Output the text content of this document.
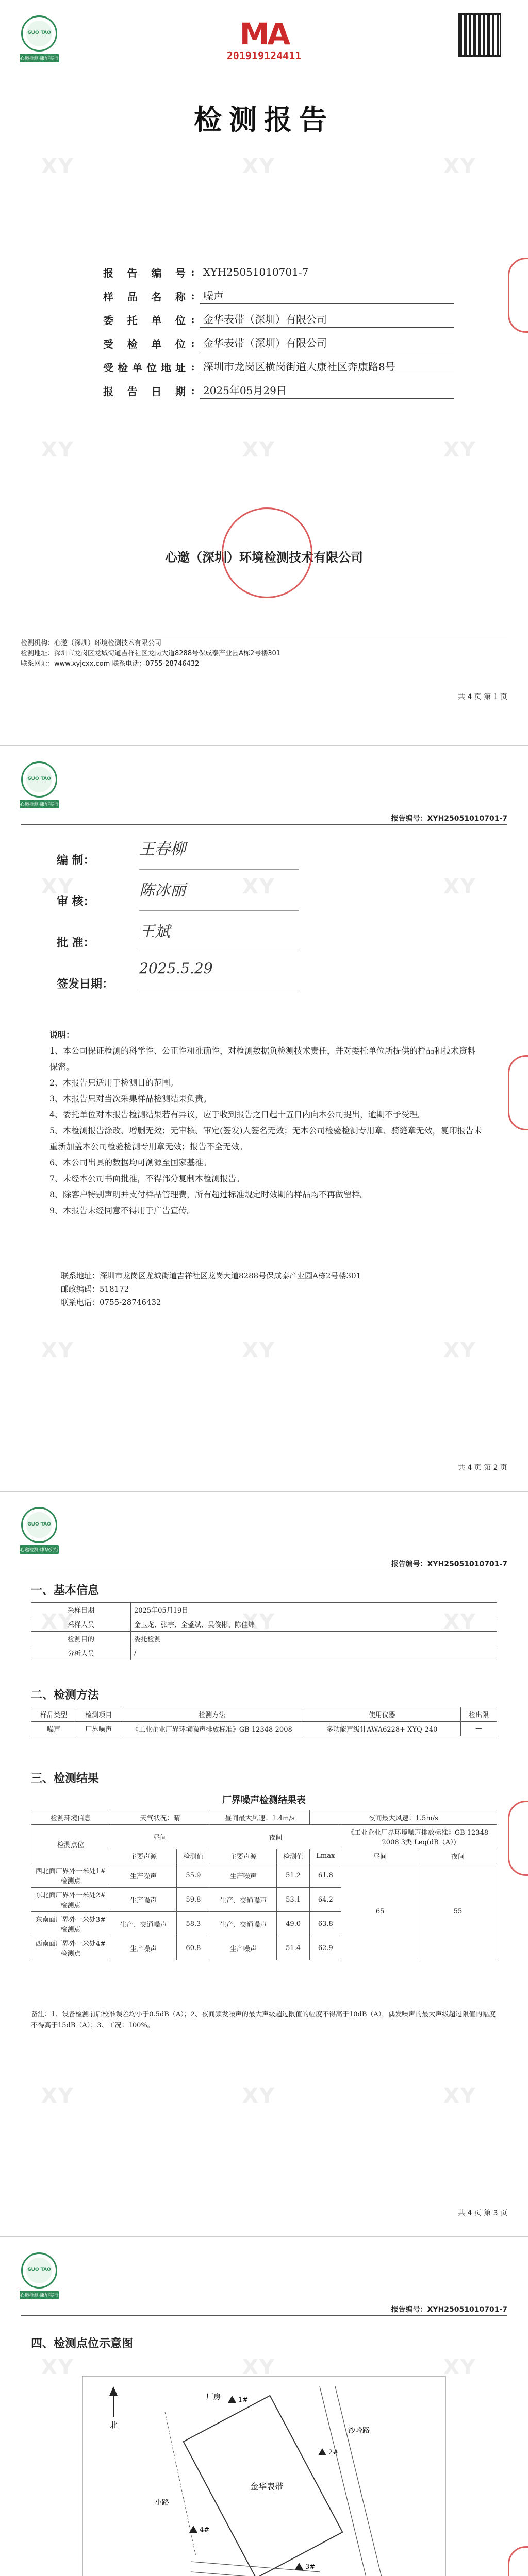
XY	XY	XY
XY	XY	XY
GUO TAO
心邀检测·康华实行
MA
201919124411
检测报告
报告编号 : XYH25051010701-7
样品名称 : 噪声
委托单位 : 金华表带（深圳）有限公司
受检单位 : 金华表带（深圳）有限公司
受检单位地址 : 深圳市龙岗区横岗街道大康社区奔康路8号
报告日期 : 2025年05月29日
心邀（深圳）环境检测技术有限公司
检测机构：心邀（深圳）环境检测技术有限公司
检测地址：深圳市龙岗区龙城街道吉祥社区龙岗大道8288号保成泰产业园A栋2号楼301
联系网址：www.xyjcxx.com 联系电话：0755-28746432
共 4 页 第 1 页
XY	XY	XY
XY	XY	XY
GUO TAO
心邀检测·康华实行
报告编号：XYH25051010701-7
编 制：
王春柳
审 核：
陈冰丽
批 准：
王斌
签发日期：
2025.5.29

说明：

1、本公司保证检测的科学性、公正性和准确性，对检测数据负检测技术责任，并对委托单位所提供的样品和技术资料保密。

2、本报告只适用于检测目的范围。

3、本报告只对当次采集样品检测结果负责。

4、委托单位对本报告检测结果若有异议，应于收到报告之日起十五日内向本公司提出，逾期不予受理。

5、本检测报告涂改、增删无效；无审核、审定(签发)人签名无效；无本公司检验检测专用章、骑缝章无效，复印报告未重新加盖本公司检验检测专用章无效；报告不全无效。

6、本公司出具的数据均可溯源至国家基准。

7、未经本公司书面批准，不得部分复制本检测报告。

8、除客户特别声明并支付样品管理费，所有超过标准规定时效期的样品均不再做留样。

9、本报告未经同意不得用于广告宣传。

联系地址：深圳市龙岗区龙城街道吉祥社区龙岗大道8288号保成泰产业园A栋2号楼301
邮政编码：518172
联系电话：0755-28746432
共 4 页 第 2 页
XY	XY	XY
XY	XY	XY
GUO TAO
心邀检测·康华实行
报告编号：XYH25051010701-7
一、基本信息
采样日期	2025年05月19日
采样人员	金玉龙、张宇、全盛斌、吴俊彬、陈佳炜
检测目的	委托检测
分析人员	/
二、检测方法
样品类型	检测项目	检测方法	使用仪器	检出限
噪声	厂界噪声	《工业企业厂界环境噪声排放标准》GB 12348-2008	多功能声级计AWA6228+ XYQ-240	—
三、检测结果
厂界噪声检测结果表
检测环境信息	天气状况：晴		昼间最大风速：1.4m/s		夜间最大风速：1.5m/s		
检测点位	昼间		夜间			《工业企业厂界环境噪声排放标准》GB 12348-2008 3类 Leq(dB（A）)	
	主要声源	检测值	主要声源	检测值	Lmax	昼间	夜间

西北面厂界外一米处1#检测点	生产噪声	55.9	生产噪声	51.2	61.8	65	55
东北面厂界外一米处2#检测点	生产噪声	59.8	生产、交通噪声	53.1	64.2		
东南面厂界外一米处3#检测点	生产、交通噪声	58.3	生产、交通噪声	49.0	63.8		
西南面厂界外一米处4#检测点	生产噪声	60.8	生产噪声	51.4	62.9		
备注：1、设备检测前后校准误差均小于0.5dB（A）；2、夜间频发噪声的最大声级超过限值的幅度不得高于10dB（A），偶发噪声的最大声级超过限值的幅度不得高于15dB（A）；3、工况：100%。
共 4 页 第 3 页
XY	XY	XY
GUO TAO
心邀检测·康华实行
报告编号：XYH25051010701-7
四、检测点位示意图
北
金华表带
厂房
沙岭路
小路
1#
2#
3#
4#
